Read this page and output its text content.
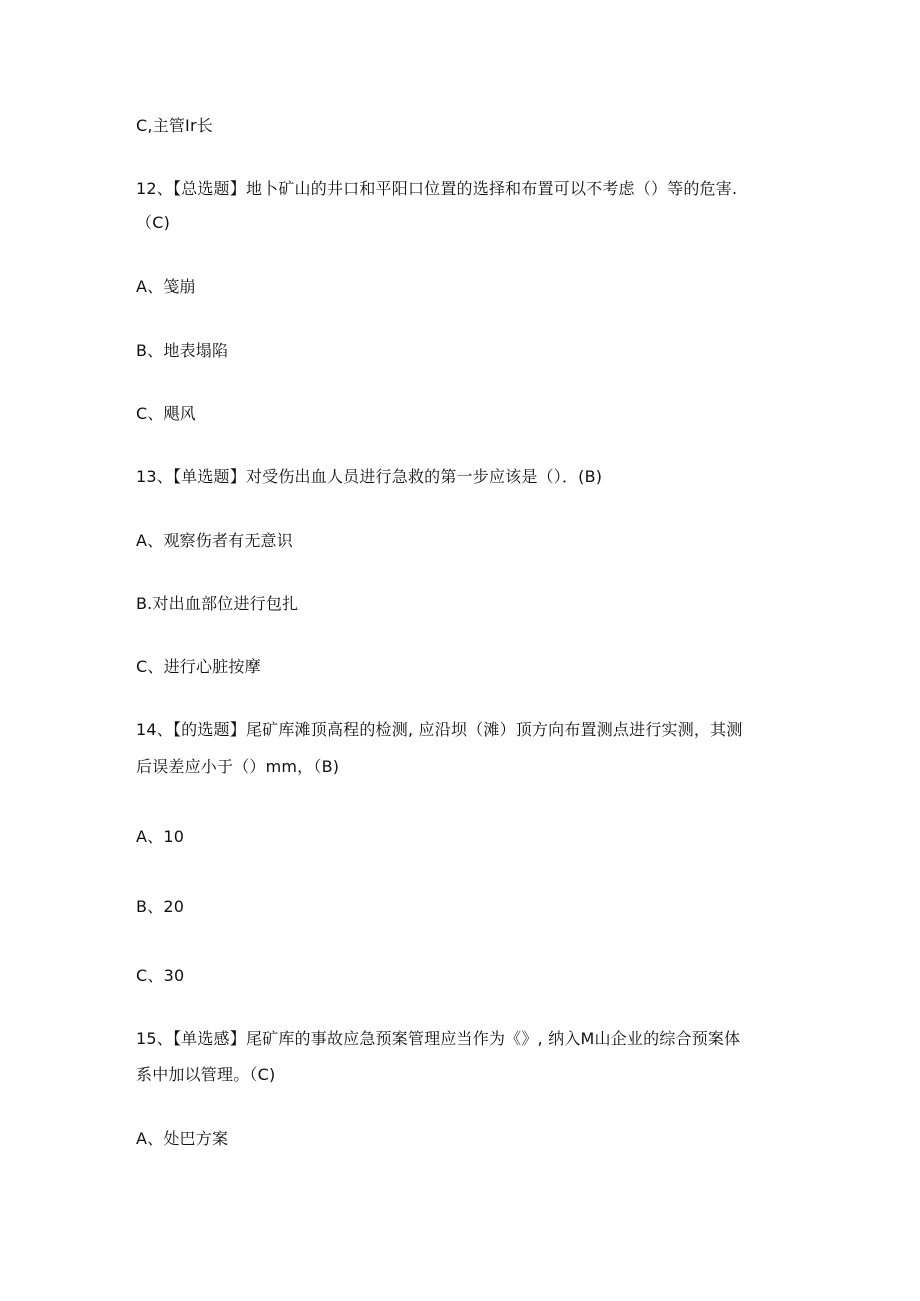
C,主管Ir长
12、【总选题】地卜矿山的井口和平阳口位置的选择和布置可以不考虑（）等的危害.
（C)
A、笺崩
B、地表塌陷
C、飓风
13、【单选题】对受伤出血人员进行急救的第一步应该是（）．(B)
A、观察伤者有无意识
B.对出血部位进行包扎
C、进行心脏按摩
14、【的选题】尾矿库滩顶高程的检测, 应沿坝（滩）顶方向布置测点进行实测，其测
后误差应小于（）mm，（B)
A、10
B、20
C、30
15、【单选感】尾矿库的事故应急预案管理应当作为《》, 纳入M山企业的综合预案体
系中加以管理。（C)
A、处巴方案
